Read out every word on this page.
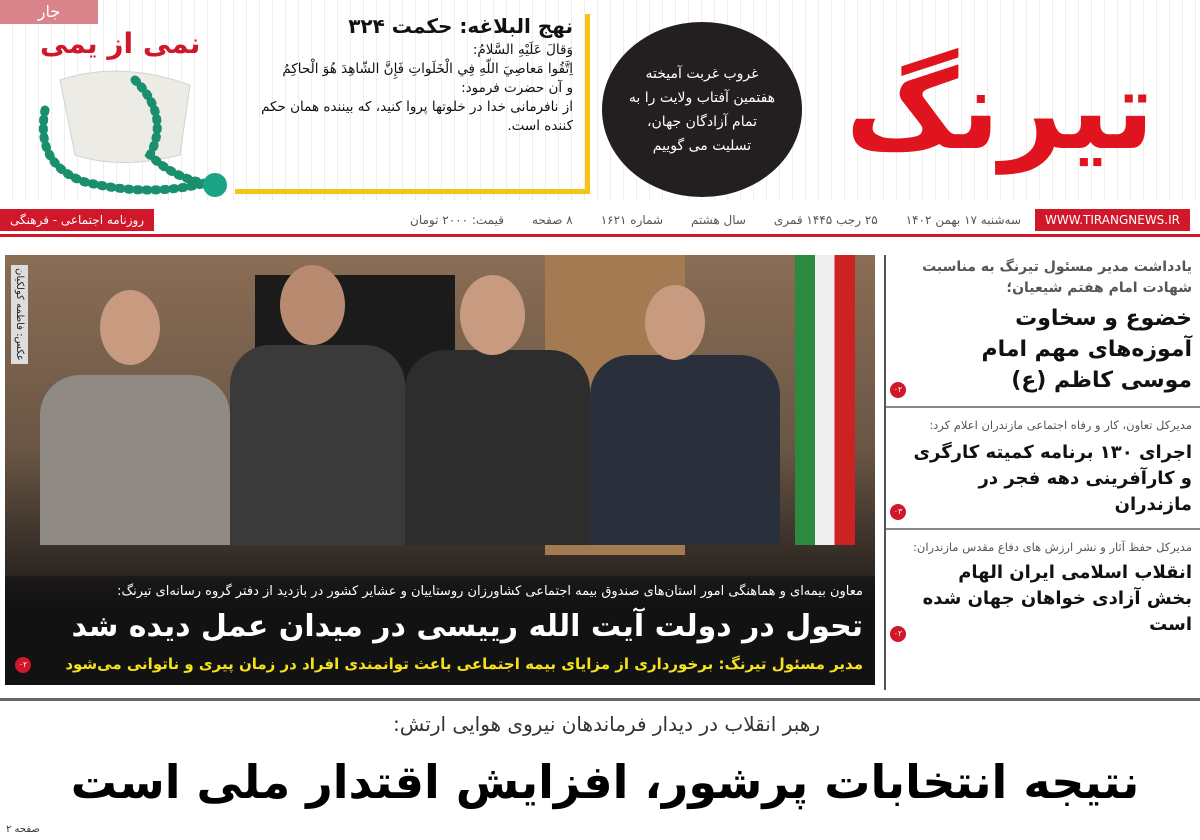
تیرنگ
غروب غربت آمیخته هفتمین آفتاب ولایت را به تمام آزادگان جهان، تسلیت می گوییم
نهج البلاغه: حکمت ۳۲۴

وَقالَ عَلَيْهِ السَّلامُ:

اِتَّقُوا مَعاصِيَ اللّهِ فِي الْخَلَواتِ فَإِنَّ الشّاهِدَ هُوَ الْحاكِمُ

و آن حضرت فرمود:

از نافرمانی خدا در خلوتها پروا کنید، که بیننده همان حکم کننده است.

جار
نمی از یمی
WWW.TIRANGNEWS.IR
سه‌شنبه ۱۷ بهمن ۱۴۰۲
۲۵ رجب ۱۴۴۵ قمری
سال هشتم
شماره ۱۶۲۱
۸ صفحه
قیمت: ۲۰۰۰ تومان
روزنامه اجتماعی - فرهنگی
عکس: فاطمه کولکیان
معاون بیمه‌ای و هماهنگی امور استان‌های صندوق بیمه اجتماعی کشاورزان روستاییان و عشایر کشور در بازدید از دفتر گروه رسانه‌ای تیرنگ:
تحول در دولت آیت الله رییسی در میدان عمل دیده شد
مدیر مسئول تیرنگ: برخورداری از مزایای بیمه اجتماعی باعث توانمندی افراد در زمان پیری و ناتوانی می‌شود
۰۲
یادداشت مدیر مسئول تیرنگ به مناسبت شهادت امام هفتم شیعیان؛
خضوع و سخاوت آموزه‌های مهم امام موسی کاظم (ع)
۰۲
مدیرکل تعاون، کار و رفاه اجتماعی مازندران اعلام کرد:
اجرای ۱۳۰ برنامه کمیته کارگری و کارآفرینی دهه فجر در مازندران
۰۳
مدیرکل حفظ آثار و نشر ارزش های دفاع مقدس مازندران:
انقلاب اسلامی ایران الهام بخش آزادی خواهان جهان شده است
۰۲
رهبر انقلاب در دیدار فرماندهان نیروی هوایی ارتش:
نتیجه انتخابات پرشور، افزایش اقتدار ملی است
صفحه ۲
